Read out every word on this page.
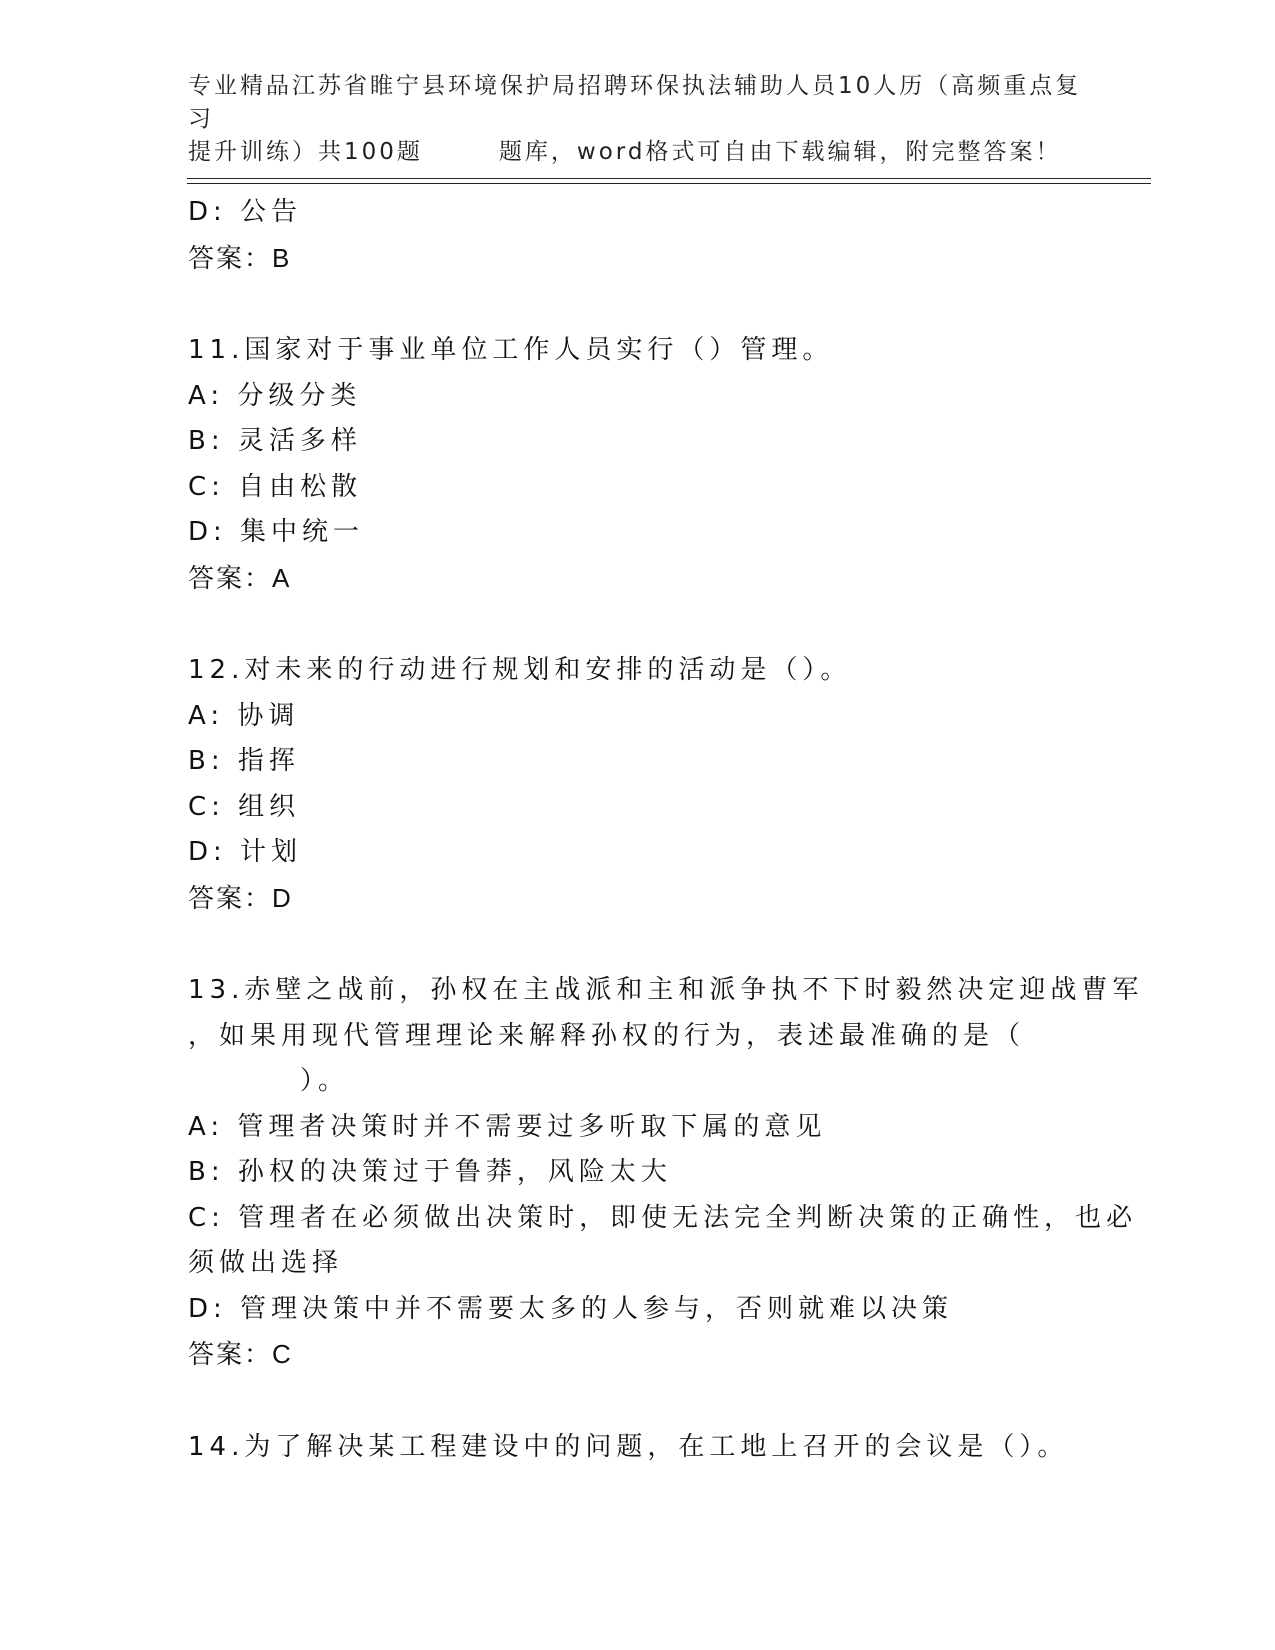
专业精品江苏省睢宁县环境保护局招聘环保执法辅助人员10人历（高频重点复习
提升训练）共100题	题库，word格式可自由下载编辑，附完整答案！
D: 公告
答案：B
11.国家对于事业单位工作人员实行（）管理。
A: 分级分类
B: 灵活多样
C: 自由松散
D: 集中统一
答案：A
12.对未来的行动进行规划和安排的活动是（）。
A: 协调
B: 指挥
C: 组织
D: 计划
答案：D
13.赤壁之战前，孙权在主战派和主和派争执不下时毅然决定迎战曹军
，如果用现代管理理论来解释孙权的行为，表述最准确的是（
）。
A: 管理者决策时并不需要过多听取下属的意见
B: 孙权的决策过于鲁莽，风险太大
C: 管理者在必须做出决策时，即使无法完全判断决策的正确性，也必
须做出选择
D: 管理决策中并不需要太多的人参与，否则就难以决策
答案：C
14.为了解决某工程建设中的问题，在工地上召开的会议是（）。
